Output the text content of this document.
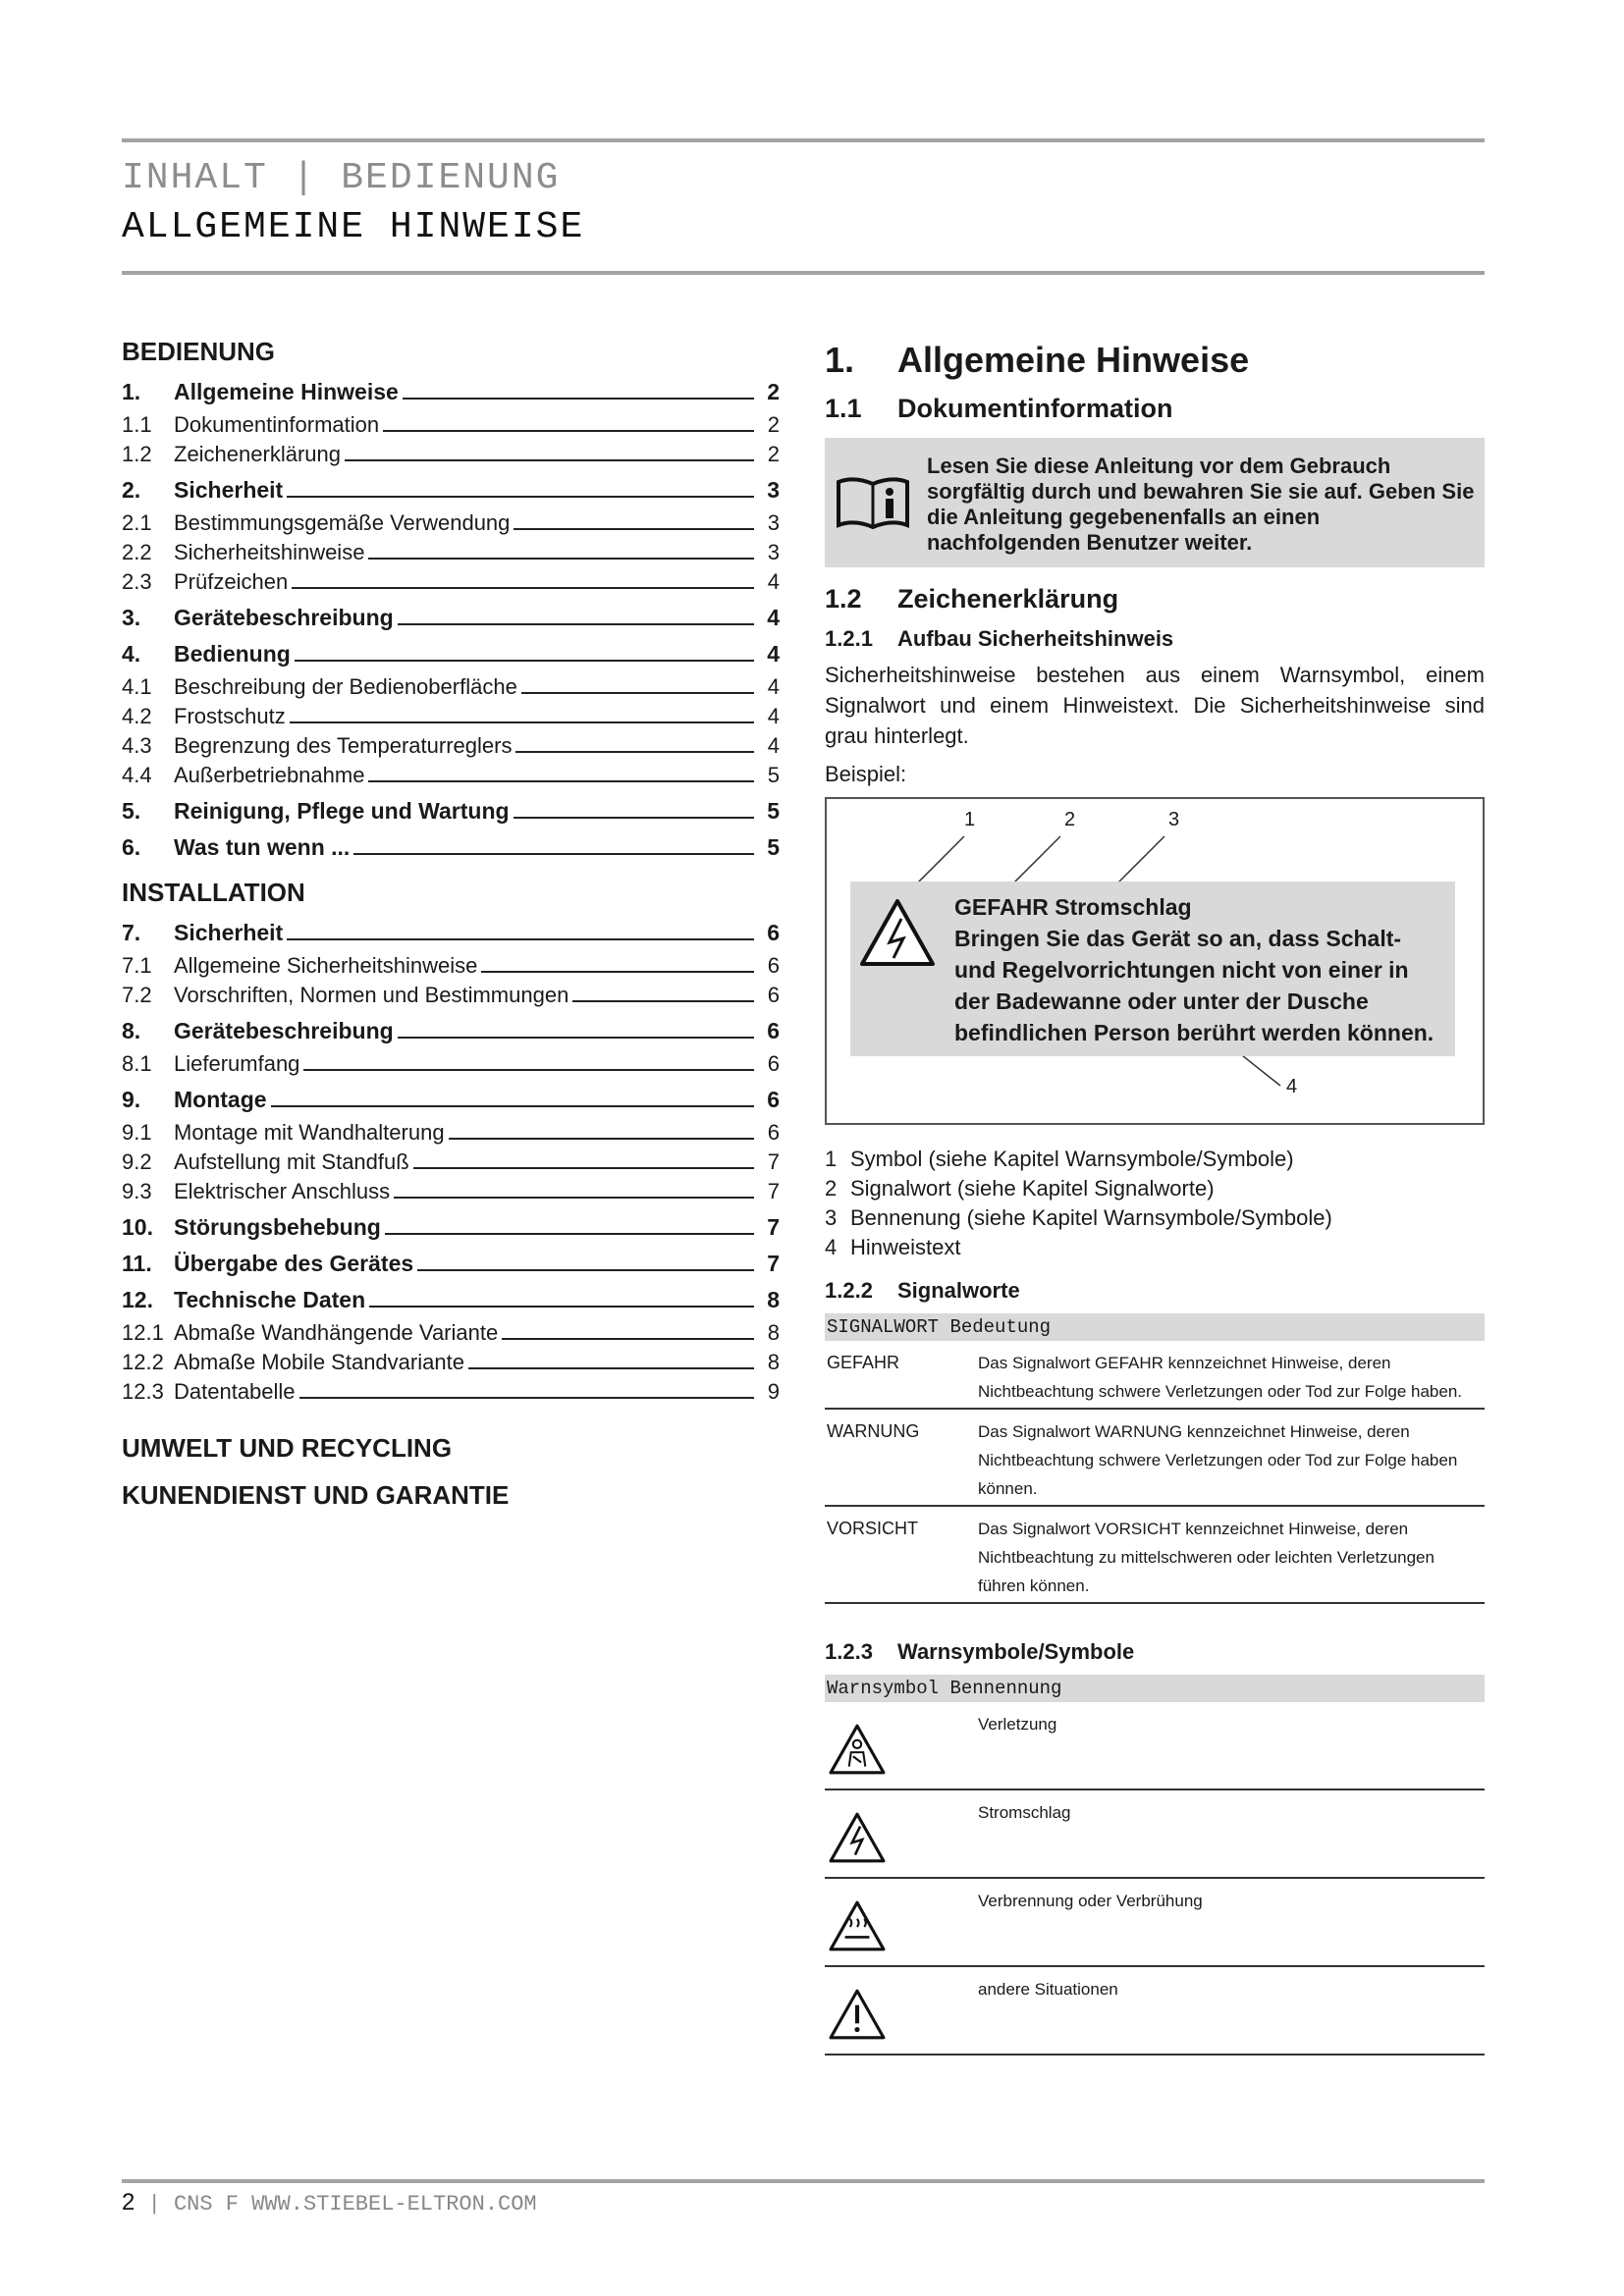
INHALT | BEDIENUNG
ALLGEMEINE HINWEISE
BEDIENUNG
1.	Allgemeine Hinweise	2
1.1	Dokumentinformation	2
1.2	Zeichenerklärung	2
2.	Sicherheit	3
2.1	Bestimmungsgemäße Verwendung	3
2.2	Sicherheitshinweise	3
2.3	Prüfzeichen	4
3.	Gerätebeschreibung	4
4.	Bedienung	4
4.1	Beschreibung der Bedienoberfläche	4
4.2	Frostschutz	4
4.3	Begrenzung des Temperaturreglers	4
4.4	Außerbetriebnahme	5
5.	Reinigung, Pflege und Wartung	5
6.	Was tun wenn ...	5
INSTALLATION
7.	Sicherheit	6
7.1	Allgemeine Sicherheitshinweise	6
7.2	Vorschriften, Normen und Bestimmungen	6
8.	Gerätebeschreibung	6
8.1	Lieferumfang	6
9.	Montage	6
9.1	Montage mit Wandhalterung	6
9.2	Aufstellung mit Standfuß	7
9.3	Elektrischer Anschluss	7
10. Störungsbehebung	7
11. Übergabe des Gerätes	7
12. Technische Daten	8
12.1 Abmaße Wandhängende Variante	8
12.2 Abmaße Mobile Standvariante	8
12.3 Datentabelle	9
UMWELT UND RECYCLING
KUNENDIENST UND GARANTIE
1. Allgemeine Hinweise
1.1 Dokumentinformation
Lesen Sie diese Anleitung vor dem Gebrauch sorgfältig durch und bewahren Sie sie auf. Geben Sie die Anleitung gegebenenfalls an einen nachfolgenden Benutzer weiter.
1.2 Zeichenerklärung
1.2.1 Aufbau Sicherheitshinweis

Sicherheitshinweise bestehen aus einem Warnsymbol, einem Signalwort und einem Hinweistext. Die Sicherheitshinweise sind grau hinterlegt.

Beispiel:

1	2	3
GEFAHR Stromschlag
Bringen Sie das Gerät so an, dass Schalt- und Regelvorrichtungen nicht von einer in der Badewanne oder unter der Dusche befindlichen Person berührt werden können.
4
1 Symbol (siehe Kapitel Warnsymbole/Symbole)
2 Signalwort (siehe Kapitel Signalworte)
3 Bennenung (siehe Kapitel Warnsymbole/Symbole)
4 Hinweistext
1.2.2 Signalworte
SIGNALWORT Bedeutung	
GEFAHR	Das Signalwort GEFAHR kennzeichnet Hinweise, deren Nichtbeachtung schwere Verletzungen oder Tod zur Folge haben.
WARNUNG	Das Signalwort WARNUNG kennzeichnet Hinweise, deren Nichtbeachtung schwere Verletzungen oder Tod zur Folge haben können.
VORSICHT	Das Signalwort VORSICHT kennzeichnet Hinweise, deren Nichtbeachtung zu mittelschweren oder leichten Verletzungen führen können.
1.2.3 Warnsymbole/Symbole
Warnsymbol Bennennung	
	Verletzung
	Stromschlag
	Verbrennung oder Verbrühung
	andere Situationen
2 | CNS F WWW.STIEBEL-ELTRON.COM
